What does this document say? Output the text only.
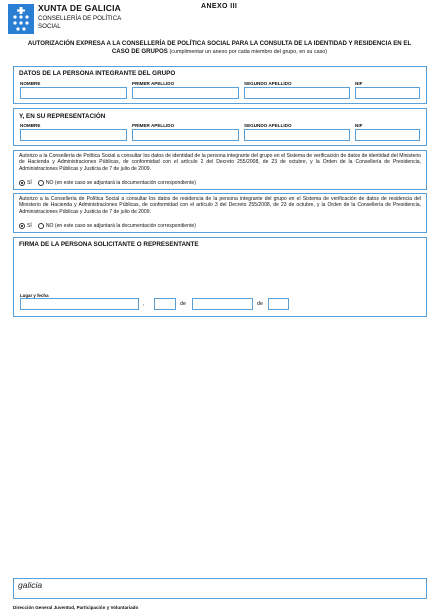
XUNTA DE GALICIA
CONSELLERÍA DE POLÍTICA
SOCIAL
ANEXO III
AUTORIZACIÓN EXPRESA A LA CONSELLERÍA DE POLÍTICA SOCIAL PARA LA CONSULTA DE LA IDENTIDAD Y RESIDENCIA EN EL
CASO DE GRUPOS (cumplimentar un anexo por cada miembro del grupo, en su caso)
DATOS DE LA PERSONA INTEGRANTE DEL GRUPO
NOMBRE	PRIMER APELLIDO	SEGUNDO APELLIDO	NIF
Y, EN SU REPRESENTACIÓN
NOMBRE	PRIMER APELLIDO	SEGUNDO APELLIDO	NIF
Autorizo a la Consellería de Política Social a consultar los datos de identidad de la persona integrante del grupo en el Sistema de verificación de datos de identidad del Ministerio de Hacienda y Administraciones Públicas, de conformidad con el artículo 2 del Decreto 255/2008, de 23 de octubre, y la Orden de la Consellería de Presidencia, Administraciones Públicas y Justicia de 7 de julio de 2009.
SÍ	NO (en este caso se adjuntará la documentación correspondiente)
Autorizo a la Consellería de Política Social a consultar los datos de residencia de la persona integrante del grupo en el Sistema de verificación de datos de residencia del Ministerio de Hacienda y Administraciones Públicas, de conformidad con el artículo 3 del Decreto 255/2008, de 23 de octubre, y la Orden de la Consellería de Presidencia, Administraciones Públicas y Justicia de 7 de julio de 2009.
SÍ	NO (en este caso se adjuntará la documentación correspondiente)
FIRMA DE LA PERSONA SOLICITANTE O REPRESENTANTE
Lugar y fecha
,	de	de
galicia
Dirección General Juventud, Participación y Voluntariado
